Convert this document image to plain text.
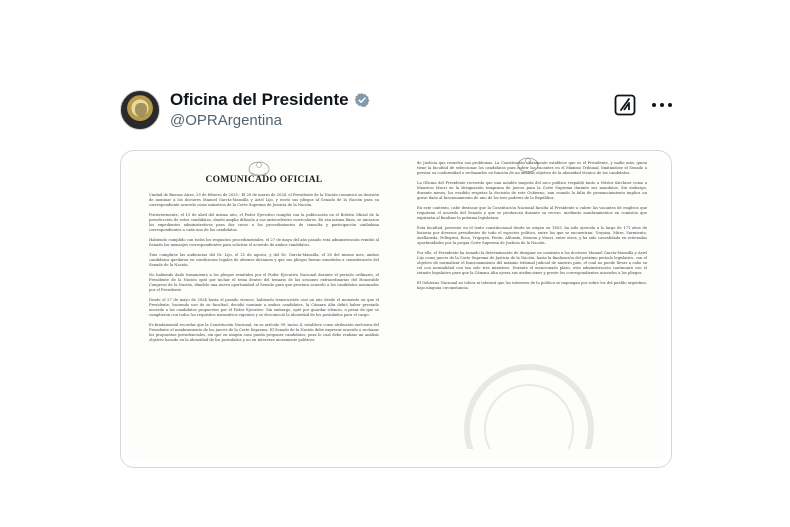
Oficina del Presidente
@OPRArgentina
COMUNICADO OFICIAL

Ciudad de Buenos Aires, 25 de febrero de 2025.- El 20 de marzo de 2024, el Presidente de la Nación comunicó su decisión de nominar a los doctores Manuel García-Mansilla y Ariel Lijo, y envió sus pliegos al Senado de la Nación para su correspondiente acuerdo como ministros de la Corte Suprema de Justicia de la Nación.

Posteriormente, el 15 de abril del mismo año, el Poder Ejecutivo cumplió con la publicación en el Boletín Oficial de la preselección de estos candidatos, dando amplia difusión a sus antecedentes curriculares. En esa misma línea, se iniciaron los expedientes administrativos para dar curso a los procedimientos de consulta y participación ciudadana correspondientes a cada uno de los candidatos.

Habiendo cumplido con todos los requisitos procedimentales, el 27 de mayo del año pasado esta administración remitió al Senado los mensajes correspondientes para solicitar el acuerdo de ambos candidatos.

Tras cumplirse las audiencias del Dr. Lijo, el 21 de agosto, y del Dr. García-Mansilla, el 28 del mismo mes, ambos candidatos quedaron en condiciones legales de obtener dictamen y que sus pliegos fueran sometidos a consideración del Senado de la Nación.

No habiendo dado tratamiento a los pliegos remitidos por el Poder Ejecutivo Nacional durante el periodo ordinario, el Presidente de la Nación optó por incluir el tema dentro del temario de las sesiones extraordinarias del Honorable Congreso de la Nación, dándole una nueva oportunidad al Senado para que prestara acuerdo a los candidatos nominados por el Presidente.

Desde el 27 de mayo de 2024 hasta el pasado viernes, habiendo transcurrido casi un año desde el momento en que el Presidente, haciendo uso de su facultad, decidió nominar a ambos candidatos, la Cámara Alta debió haber prestado acuerdo a los candidatos propuestos por el Poder Ejecutivo. Sin embargo, optó por guardar silencio, a pesar de que se cumplieron con todos los requisitos normativos vigentes y se desconoció la idoneidad de los postulados para el cargo.

Es fundamental recordar que la Constitución Nacional, en su artículo 99, inciso 4, establece como atribución exclusiva del Presidente el nombramiento de los jueces de la Corte Suprema. El Senado de la Nación debe expresar acuerdo o rechazar los propuestas presidenciales, sin que en ningún caso pueda proponer candidatos, para lo cual debe realizar un análisis objetivo basado en la idoneidad de los postulados y no en intereses meramente políticos.

de Justicia que resuelva sus problemas. La Constitución claramente establece que es el Presidente, y nadie más, quien tiene la facultad de seleccionar los candidatos para cubrir las vacantes en el Máximo Tribunal, limitándose el Senado a prestar su conformidad o rechazarlos en función de un análisis objetivo de la idoneidad técnica de los candidatos.

La Oficina del Presidente recuerda que una notable mayoría del arco político respaldó tanto a Néstor Kirchner como a Mauricio Macri en la designación temprana de jueces para la Corte Suprema durante sus mandatos. Sin embargo, durante meses, los evadido respetar la decisión de este Gobierno, aun cuando la falta de pronunciamiento implica un grave daño al funcionamiento de uno de los tres poderes de la República.

En este contexto, cabe destacar que la Constitución Nacional faculta al Presidente a cubrir las vacantes de empleos que requieran el acuerdo del Senado y que se produzcan durante su receso, mediante nombramientos en comisión que expirarán al finalizar la próxima legislatura.

Esta facultad, presente en el texto constitucional desde su origen en 1853, ha sido ejercida a lo largo de 171 años de historia por diversos presidentes de todo el espectro político, entre los que se encuentran: Urquiza, Mitre, Sarmiento, Avellaneda, Pellegrini, Roca, Yrigoyen, Perón, Alfonsín, Menem y Macri, entre otros, y ha sido convalidada en reiteradas oportunidades por la propia Corte Suprema de Justicia de la Nación.

Por ello, el Presidente ha tomado la determinación de designar en comisión a los doctores Manuel García-Mansilla y Ariel Lijo como jueces de la Corte Suprema de Justicia de la Nación, hasta la finalización del próximo período legislativo, con el objetivo de normalizar el funcionamiento del máximo tribunal judicial de nuestro país, el cual no puede llevar a cabo su rol con normalidad con tan solo tres ministros. Durante el mencionado plazo, esta administración continuará con el trámite legislativo para que la Cámara Alta ejerza sus atribuciones y preste los correspondientes acuerdos a los pliegos.

El Gobierno Nacional no tolera ni tolerará que los intereses de la política se impongan por sobre los del pueblo argentino, bajo ninguna circunstancia.
